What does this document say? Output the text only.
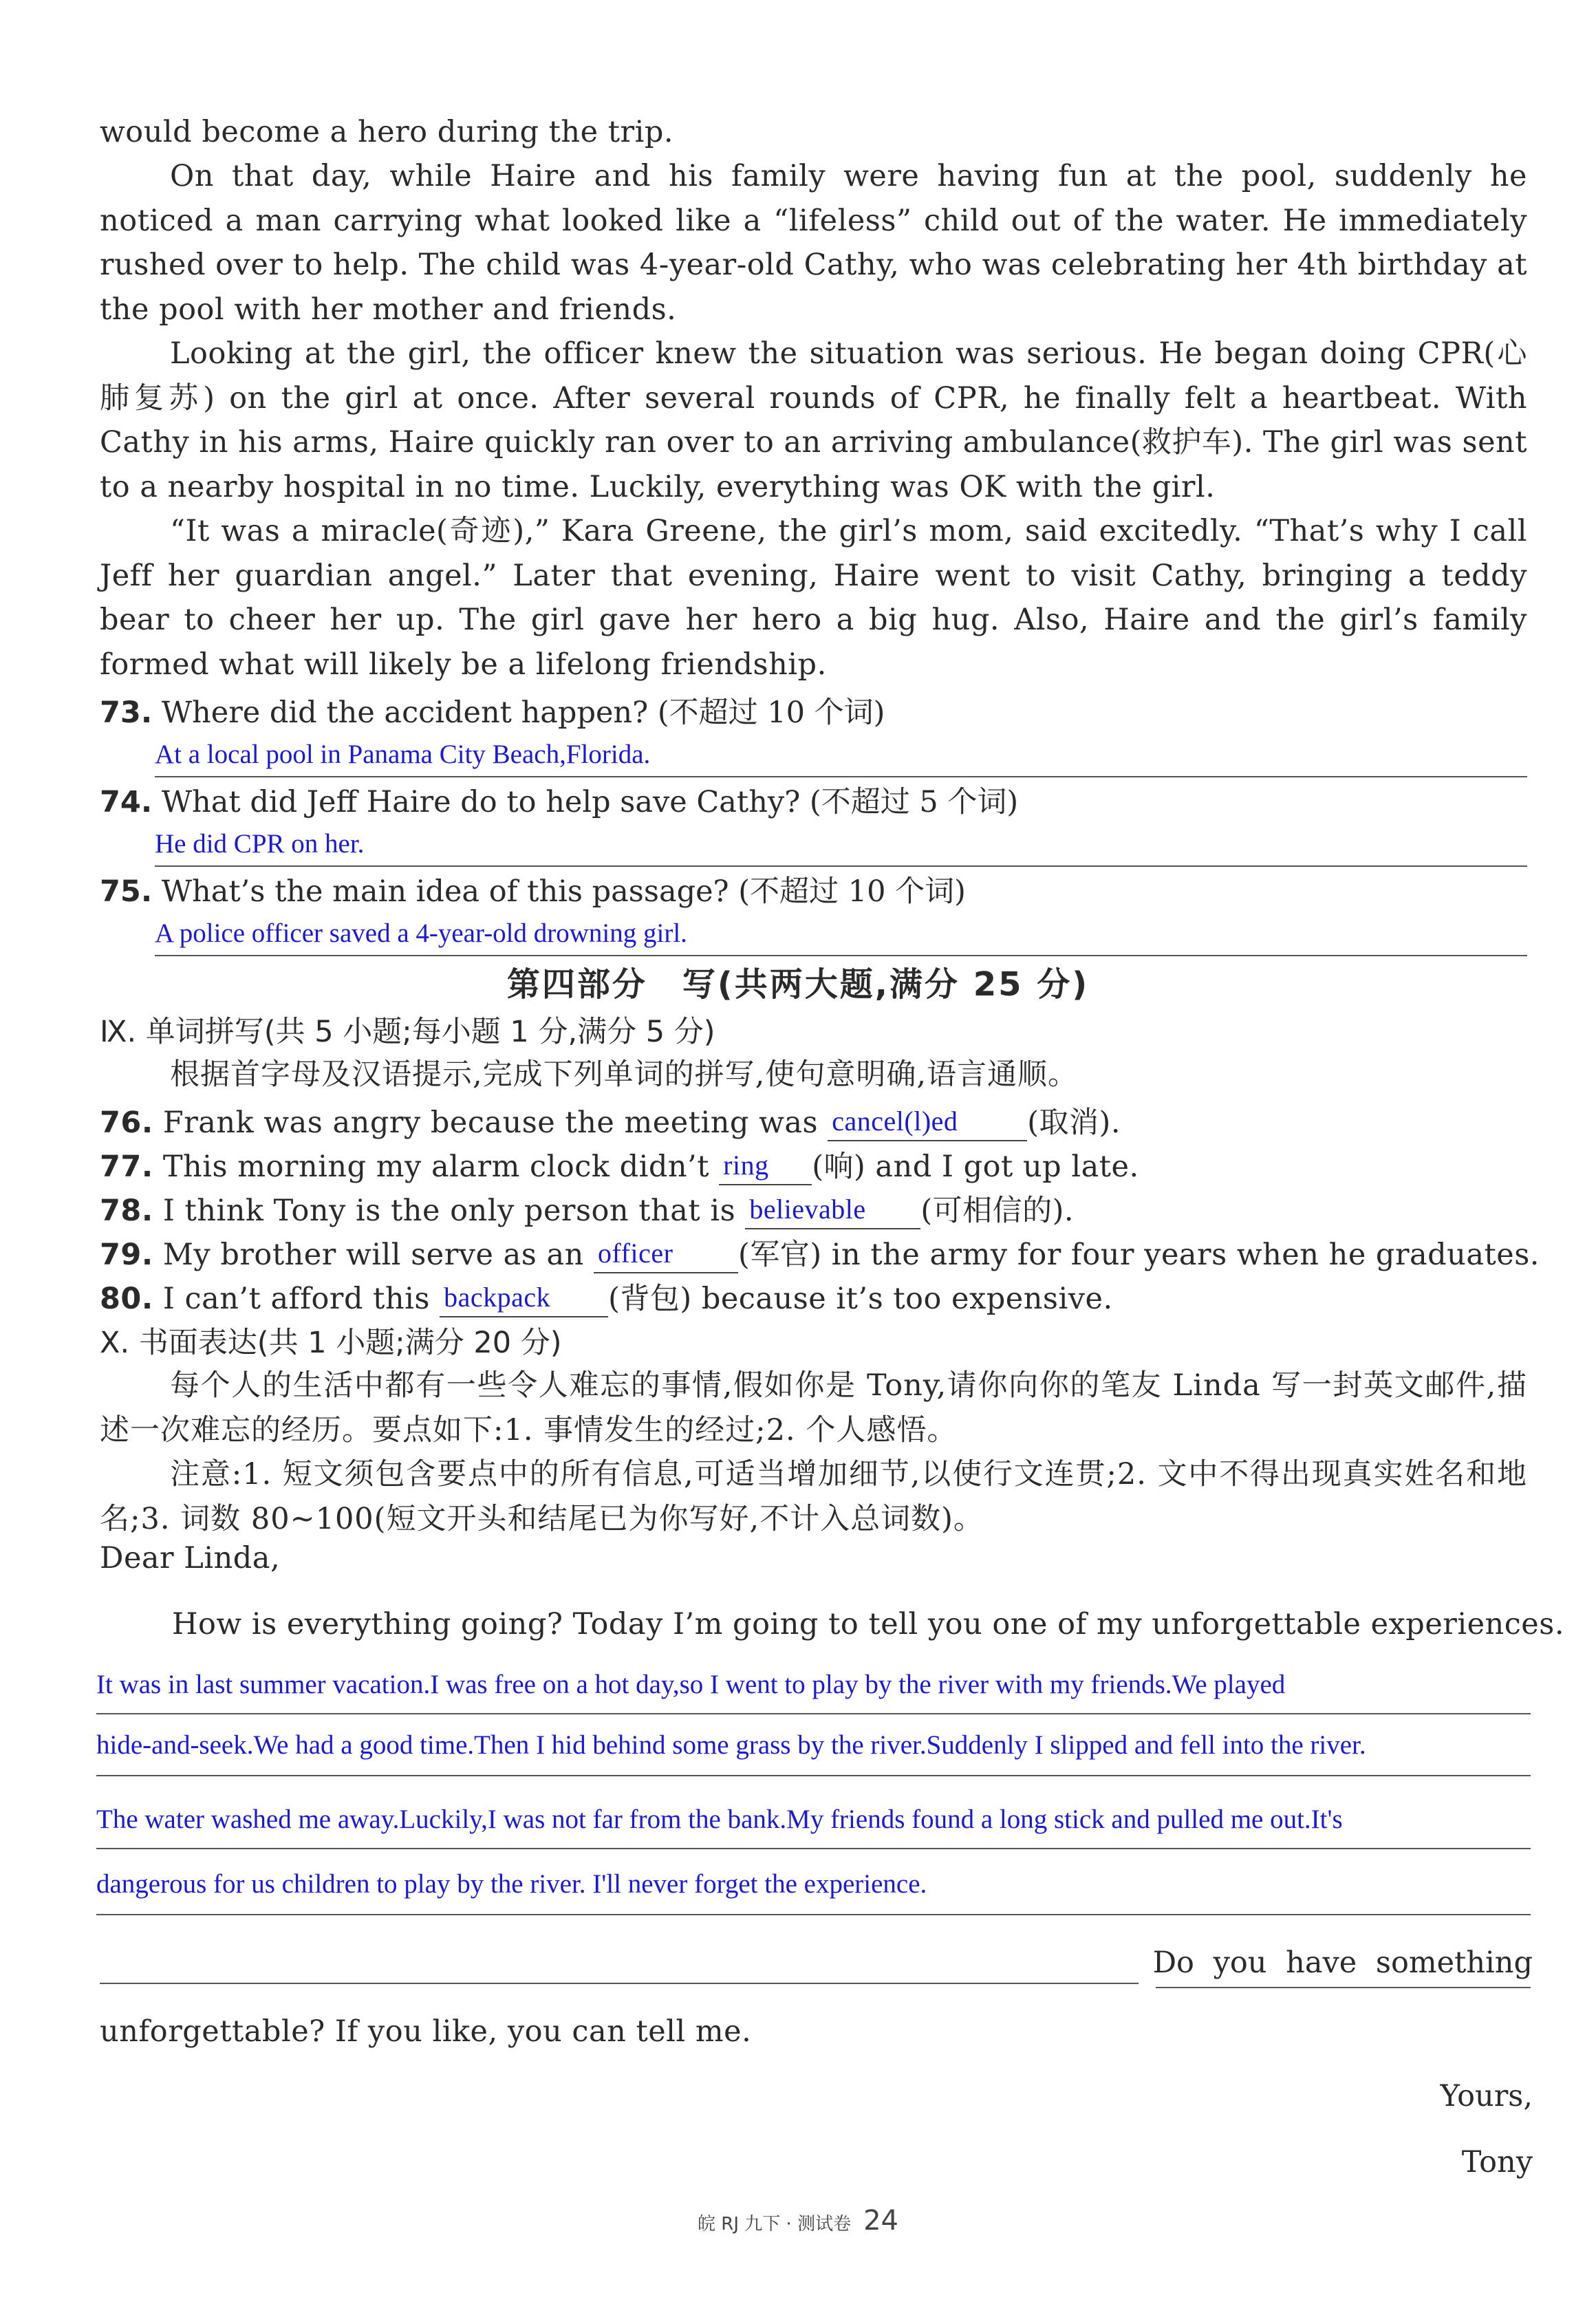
would become a hero during the trip.
On that day, while Haire and his family were having fun at the pool, suddenly he noticed a man carrying what looked like a “lifeless” child out of the water. He immediately rushed over to help. The child was 4-year-old Cathy, who was celebrating her 4th birthday at the pool with her mother and friends.
Looking at the girl, the officer knew the situation was serious. He began doing CPR(心肺复苏) on the girl at once. After several rounds of CPR, he finally felt a heartbeat. With Cathy in his arms, Haire quickly ran over to an arriving ambulance(救护车). The girl was sent to a nearby hospital in no time. Luckily, everything was OK with the girl.
“It was a miracle(奇迹),” Kara Greene, the girl’s mom, said excitedly. “That’s why I call Jeff her guardian angel.” Later that evening, Haire went to visit Cathy, bringing a teddy bear to cheer her up. The girl gave her hero a big hug. Also, Haire and the girl’s family formed what will likely be a lifelong friendship.
73. Where did the accident happen? (不超过 10 个词)
At a local pool in Panama City Beach,Florida.
74. What did Jeff Haire do to help save Cathy? (不超过 5 个词)
He did CPR on her.
75. What’s the main idea of this passage? (不超过 10 个词)
A police officer saved a 4-year-old drowning girl.
第四部分　写(共两大题,满分 25 分)
Ⅸ. 单词拼写(共 5 小题;每小题 1 分,满分 5 分)
根据首字母及汉语提示,完成下列单词的拼写,使句意明确,语言通顺。
76. Frank was angry because the meeting was cancel(l)ed (取消).
77. This morning my alarm clock didn’t ring (响) and I got up late.
78. I think Tony is the only person that is believable (可相信的).
79. My brother will serve as an officer (军官) in the army for four years when he graduates.
80. I can’t afford this backpack (背包) because it’s too expensive.
Ⅹ. 书面表达(共 1 小题;满分 20 分)
每个人的生活中都有一些令人难忘的事情,假如你是 Tony,请你向你的笔友 Linda 写一封英文邮件,描述一次难忘的经历。要点如下:1. 事情发生的经过;2. 个人感悟。
注意:1. 短文须包含要点中的所有信息,可适当增加细节,以使行文连贯;2. 文中不得出现真实姓名和地名;3. 词数 80~100(短文开头和结尾已为你写好,不计入总词数)。
Dear Linda,
How is everything going? Today I’m going to tell you one of my unforgettable experiences.
It was in last summer vacation.I was free on a hot day,so I went to play by the river with my friends.We played
hide-and-seek.We had a good time.Then I hid behind some grass by the river.Suddenly I slipped and fell into the river.
The water washed me away.Luckily,I was not far from the bank.My friends found a long stick and pulled me out.It's
dangerous for us children to play by the river. I'll never forget the experience.
Do you have something
unforgettable? If you like, you can tell me.
Yours,
Tony
皖 RJ 九下 · 测试卷 24
